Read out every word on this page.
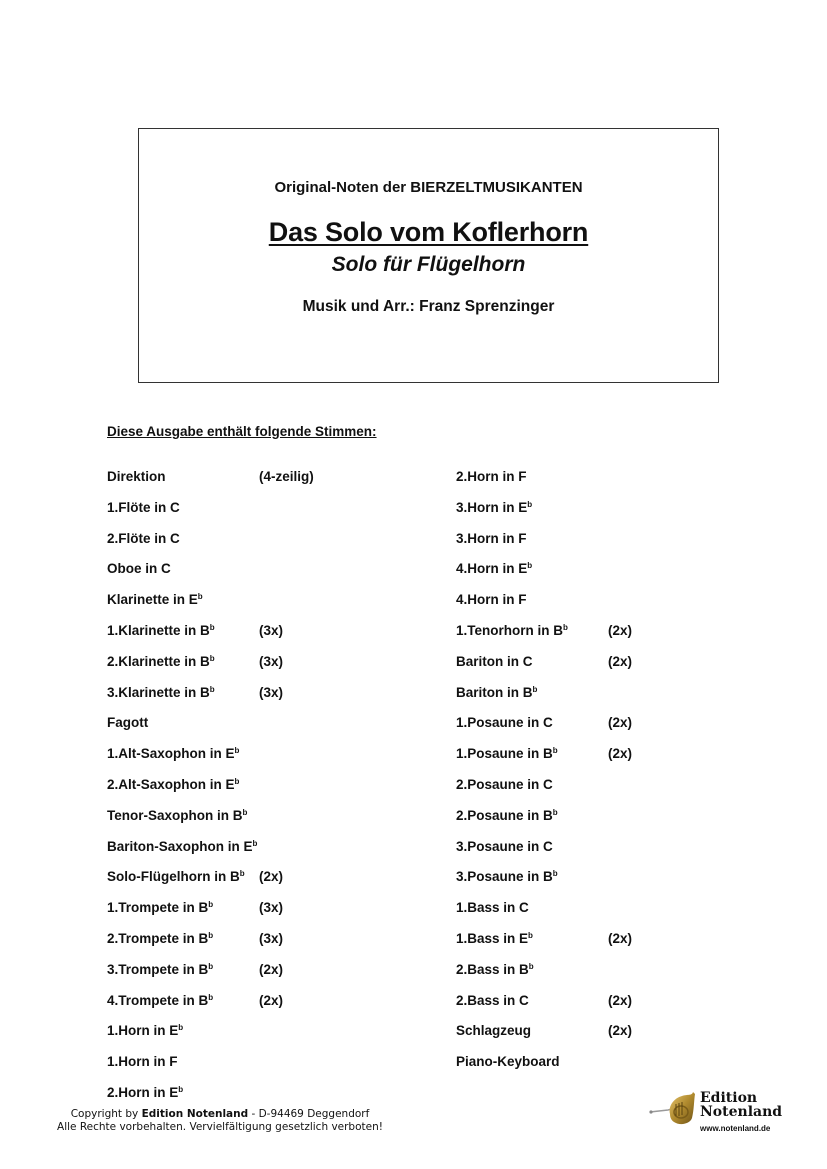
Original-Noten der BIERZELTMUSIKANTEN
Das Solo vom Koflerhorn
Solo für Flügelhorn
Musik und Arr.: Franz Sprenzinger
Diese Ausgabe enthält folgende Stimmen:
Direktion	(4-zeilig)
1.Flöte in C
2.Flöte in C
Oboe in C
Klarinette in $E^b$
1.Klarinette in $B^b$	(3x)
2.Klarinette in $B^b$	(3x)
3.Klarinette in $B^b$	(3x)
Fagott
1.Alt-Saxophon in $E^b$
2.Alt-Saxophon in $E^b$
Tenor-Saxophon in $B^b$
Bariton-Saxophon in $E^b$
Solo-Flügelhorn in $B^b$ (2x)
1.Trompete in $B^b$	(3x)
2.Trompete in $B^b$	(3x)
3.Trompete in $B^b$	(2x)
4.Trompete in $B^b$	(2x)
1.Horn in $E^b$
1.Horn in F
2.Horn in $E^b$
2.Horn in F
3.Horn in $E^b$
3.Horn in F
4.Horn in $E^b$
4.Horn in F
1.Tenorhorn in $B^b$	(2x)
Bariton in C	(2x)
Bariton in $B^b$
1.Posaune in C	(2x)
1.Posaune in $B^b$	(2x)
2.Posaune in C
2.Posaune in $B^b$
3.Posaune in C
3.Posaune in $B^b$
1.Bass in C
1.Bass in $E^b$	(2x)
2.Bass in $B^b$
2.Bass in C	(2x)
Schlagzeug	(2x)
Piano-Keyboard
Copyright by Edition Notenland - D-94469 Deggendorf
Alle Rechte vorbehalten. Vervielfältigung gesetzlich verboten!
Edition
Notenland
www.notenland.de
